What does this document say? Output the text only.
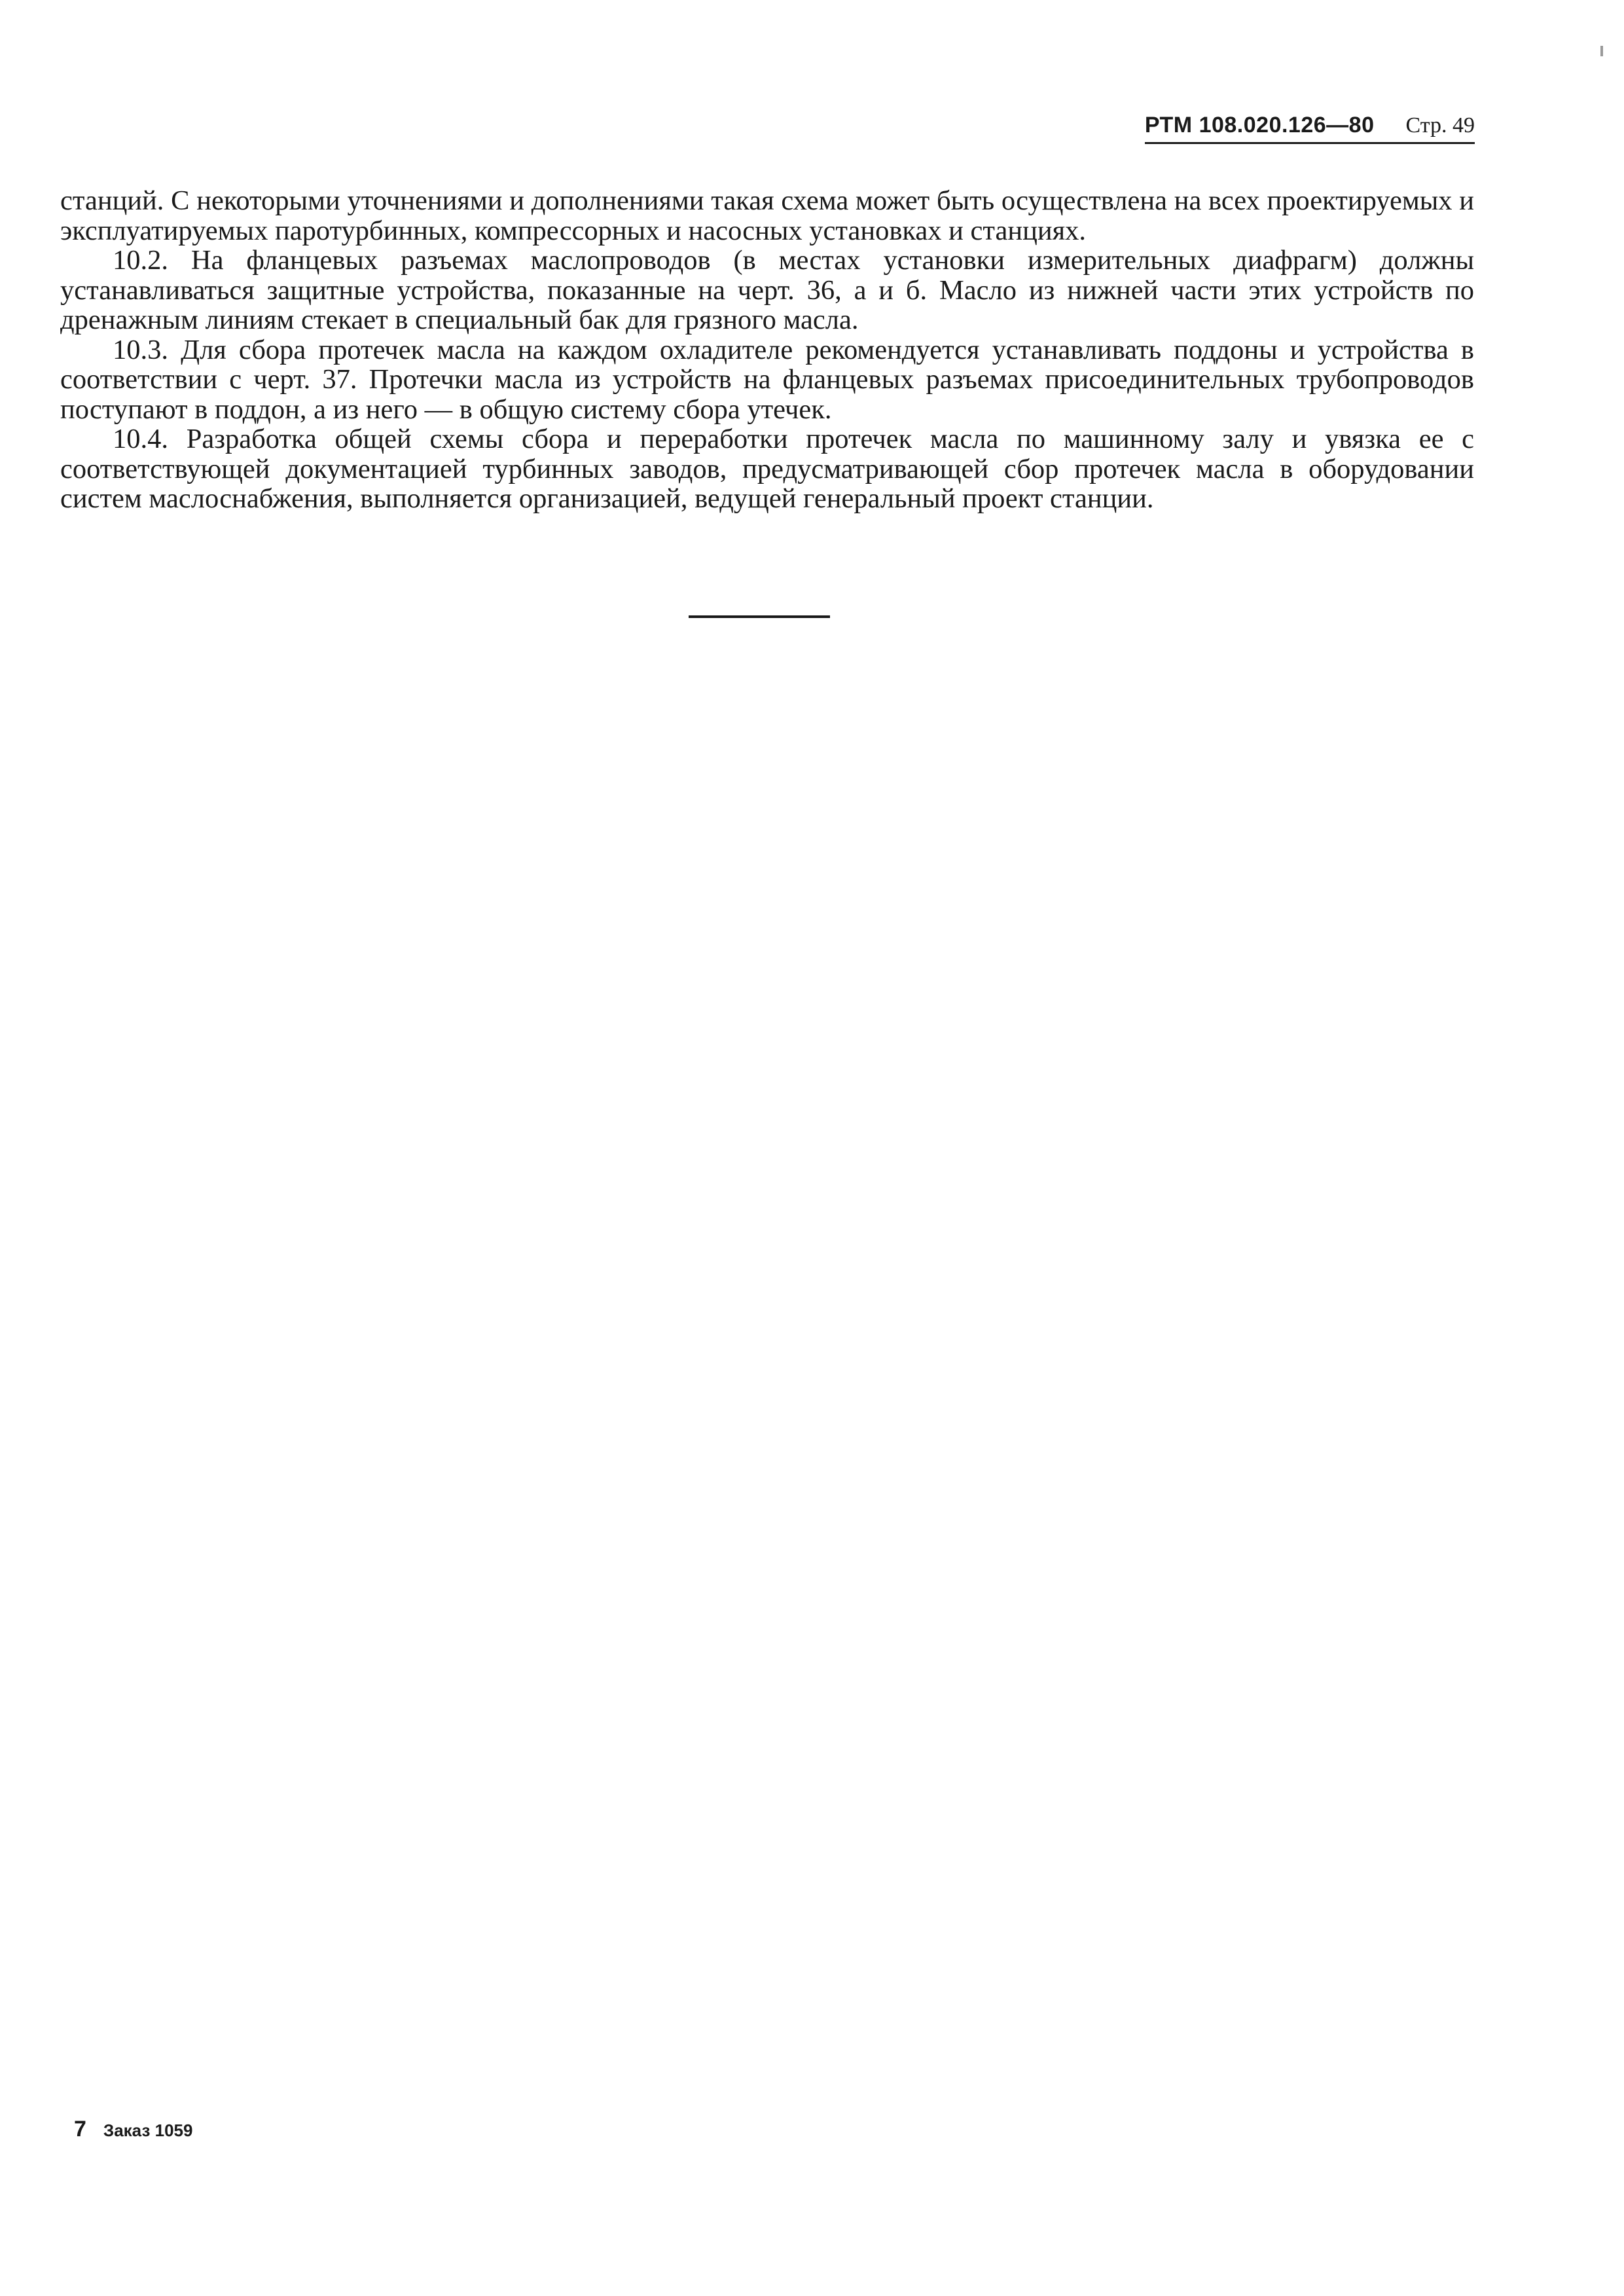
РТМ 108.020.126—80 Стр. 49

станций. С некоторыми уточнениями и дополнениями такая схема может быть осуществлена на всех проектируемых и эксплуатируемых паротурбинных, компрессорных и насосных установках и станциях.

10.2. На фланцевых разъемах маслопроводов (в местах установки измерительных диафрагм) должны устанавливаться защитные устройства, показанные на черт. 36, а и б. Масло из нижней части этих устройств по дренажным линиям стекает в специальный бак для грязного масла.

10.3. Для сбора протечек масла на каждом охладителе рекомендуется устанавливать поддоны и устройства в соответствии с черт. 37. Протечки масла из устройств на фланцевых разъемах присоединительных трубопроводов поступают в поддон, а из него — в общую систему сбора утечек.

10.4. Разработка общей схемы сбора и переработки протечек масла по машинному залу и увязка ее с соответствующей документацией турбинных заводов, предусматривающей сбор протечек масла в оборудовании систем маслоснабжения, выполняется организацией, ведущей генеральный проект станции.

7 Заказ 1059
